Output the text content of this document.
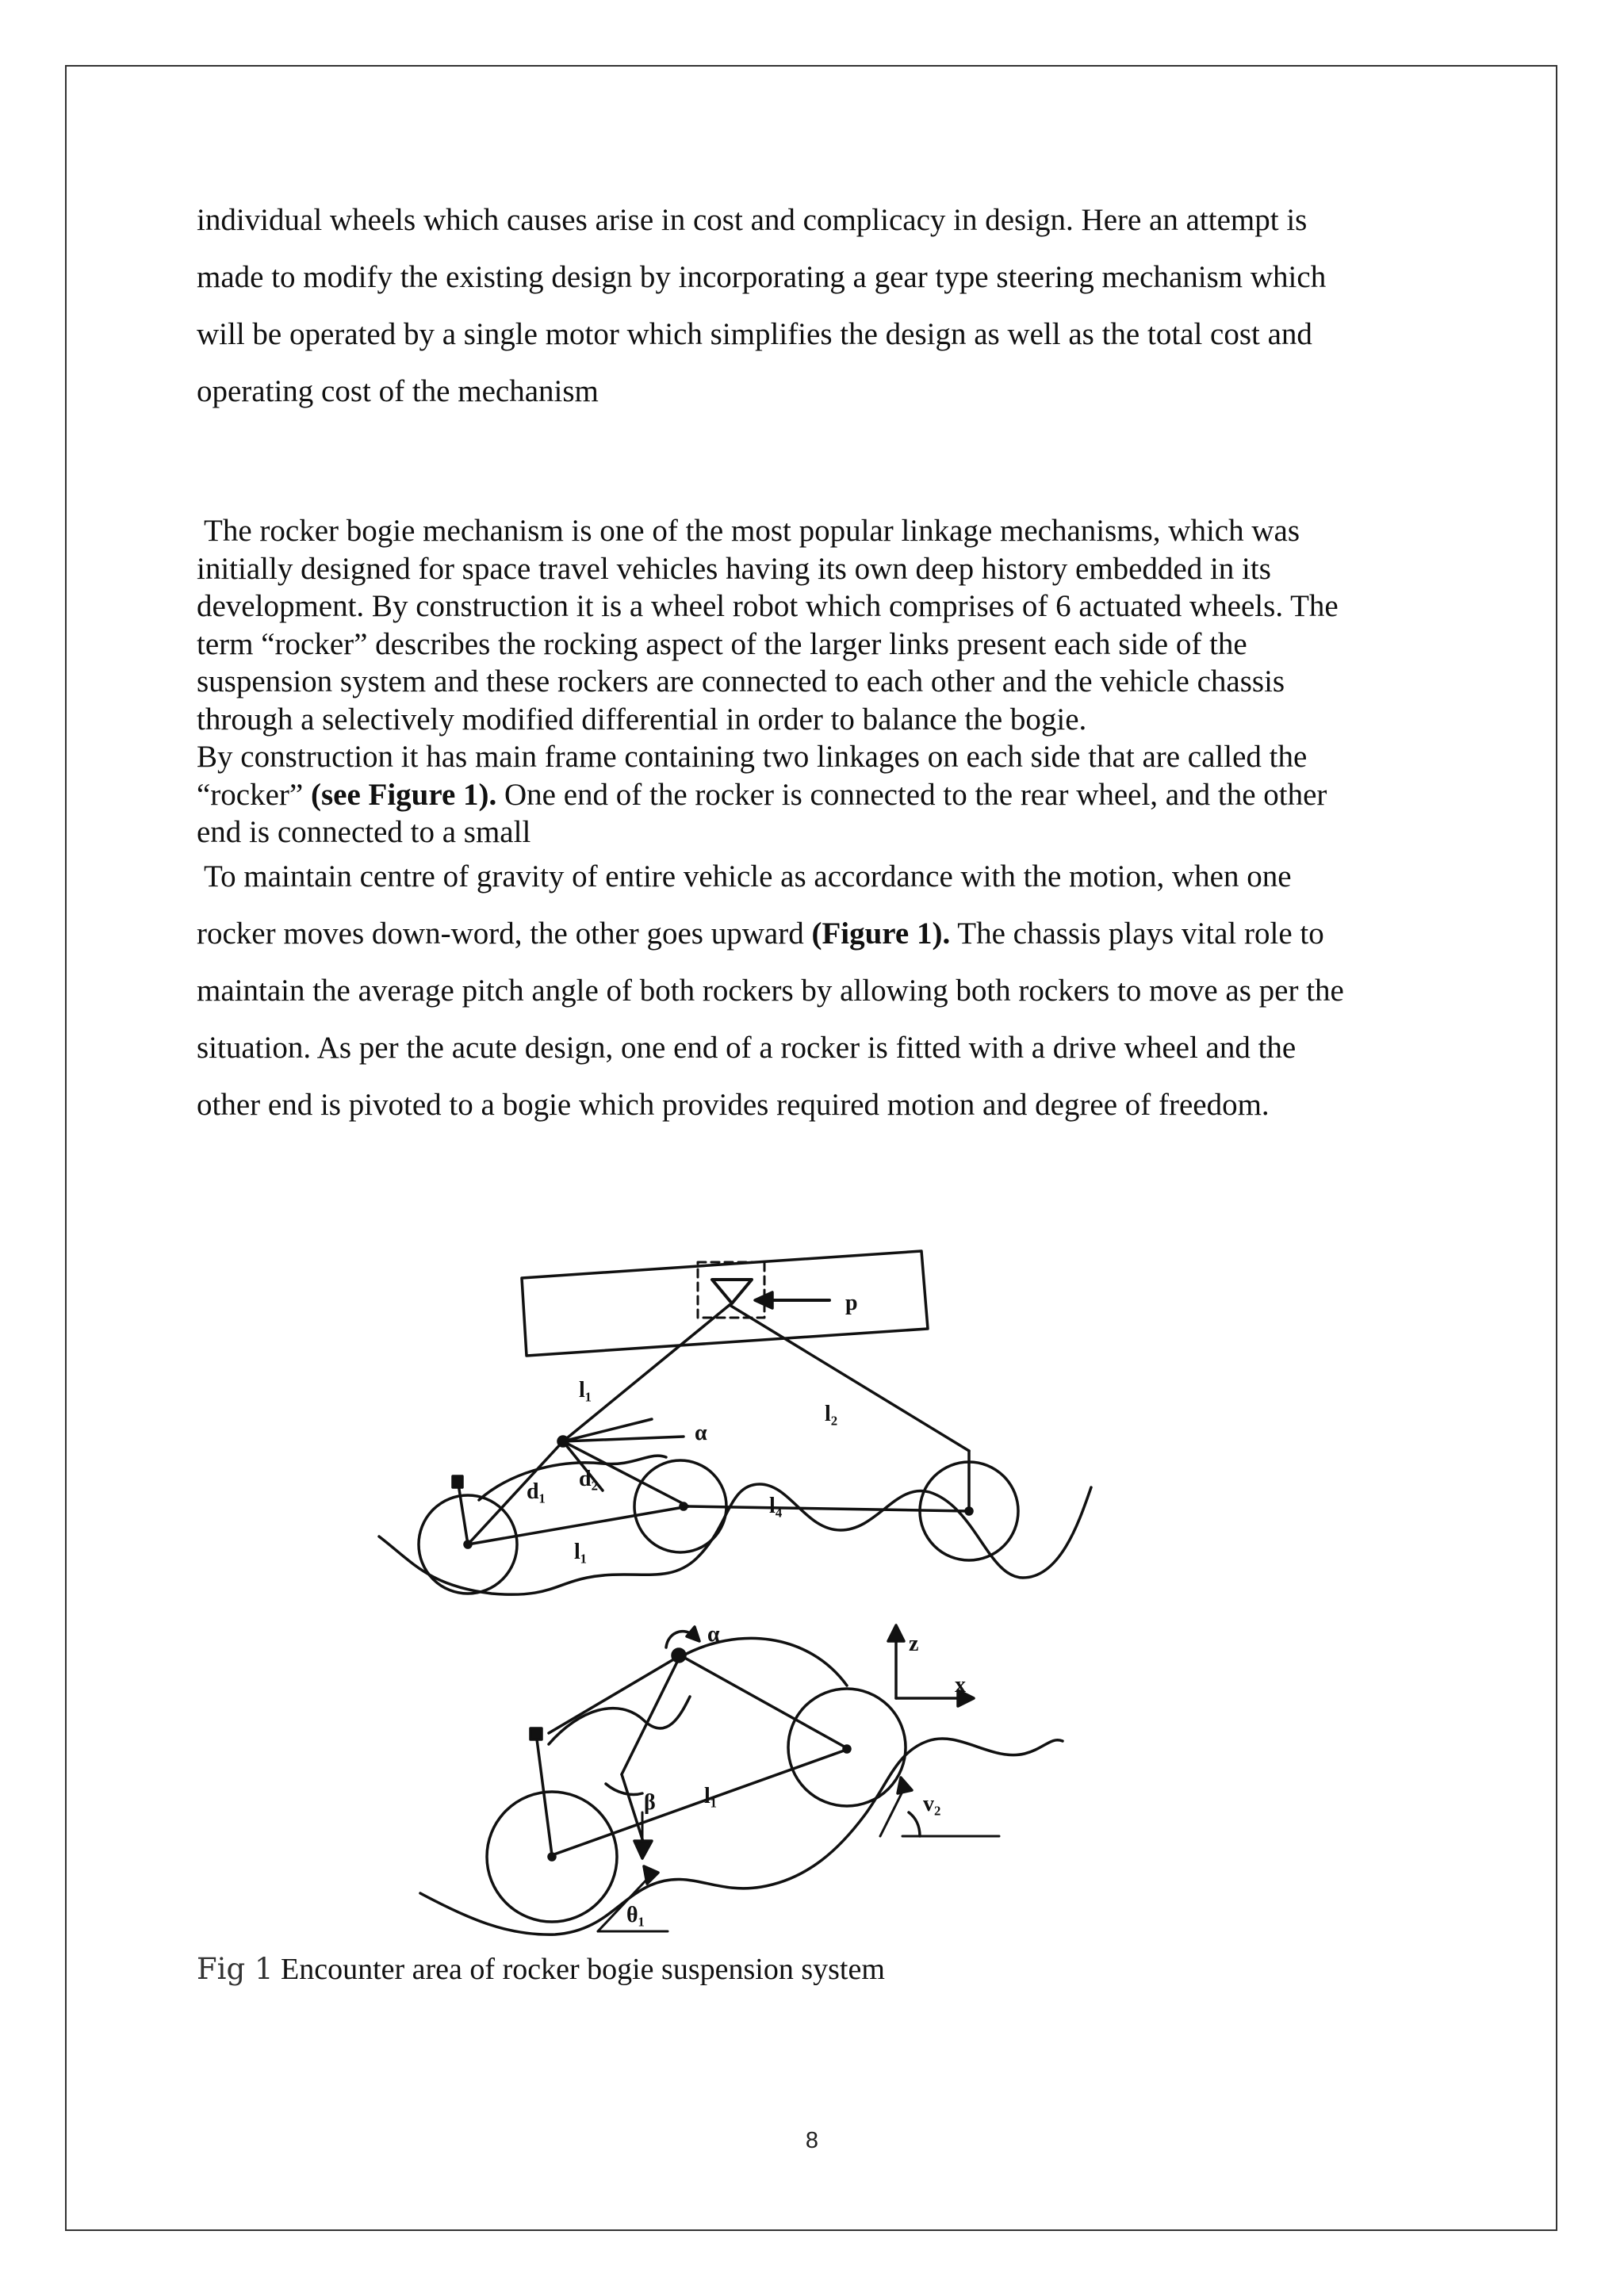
individual wheels which causes arise in cost and complicacy in design. Here an attempt is
made to modify the existing design by incorporating a gear type steering mechanism which
will be operated by a single motor which simplifies the design as well as the total cost and
operating cost of the mechanism
The rocker bogie mechanism is one of the most popular linkage mechanisms, which was
initially designed for space travel vehicles having its own deep history embedded in its
development. By construction it is a wheel robot which comprises of 6 actuated wheels. The
term “rocker” describes the rocking aspect of the larger links present each side of the
suspension system and these rockers are connected to each other and the vehicle chassis
through a selectively modified differential in order to balance the bogie.
By construction it has main frame containing two linkages on each side that are called the
“rocker” (see Figure 1). One end of the rocker is connected to the rear wheel, and the other
end is connected to a small
To maintain centre of gravity of entire vehicle as accordance with the motion, when one
rocker moves down-word, the other goes upward (Figure 1). The chassis plays vital role to
maintain the average pitch angle of both rockers by allowing both rockers to move as per the
situation. As per the acute design, one end of a rocker is fitted with a drive wheel and the
other end is pivoted to a bogie which provides required motion and degree of freedom.
p
l₁
l₂
α
d₁
d₂
l₄
l₁
α	z
x
β l₁	v₂
θ₁
Fig 1 Encounter area of rocker bogie suspension system
8
